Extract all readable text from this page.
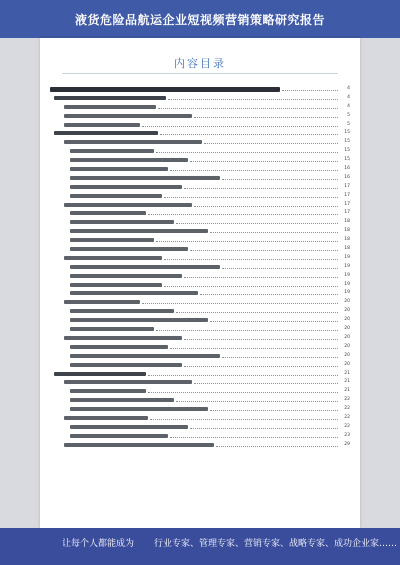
液货危险品航运企业短视频营销策略研究报告
内容目录
4
4
4
5
5
15
15
15
15
16
16
17
17
17
17
18
18
18
18
19
19
19
19
19
20
20
20
20
20
20
20
20
21
21
21
22
22
22
22
23
29
让每个人都能成为	行业专家、管理专家、营销专家、战略专家、成功企业家……
